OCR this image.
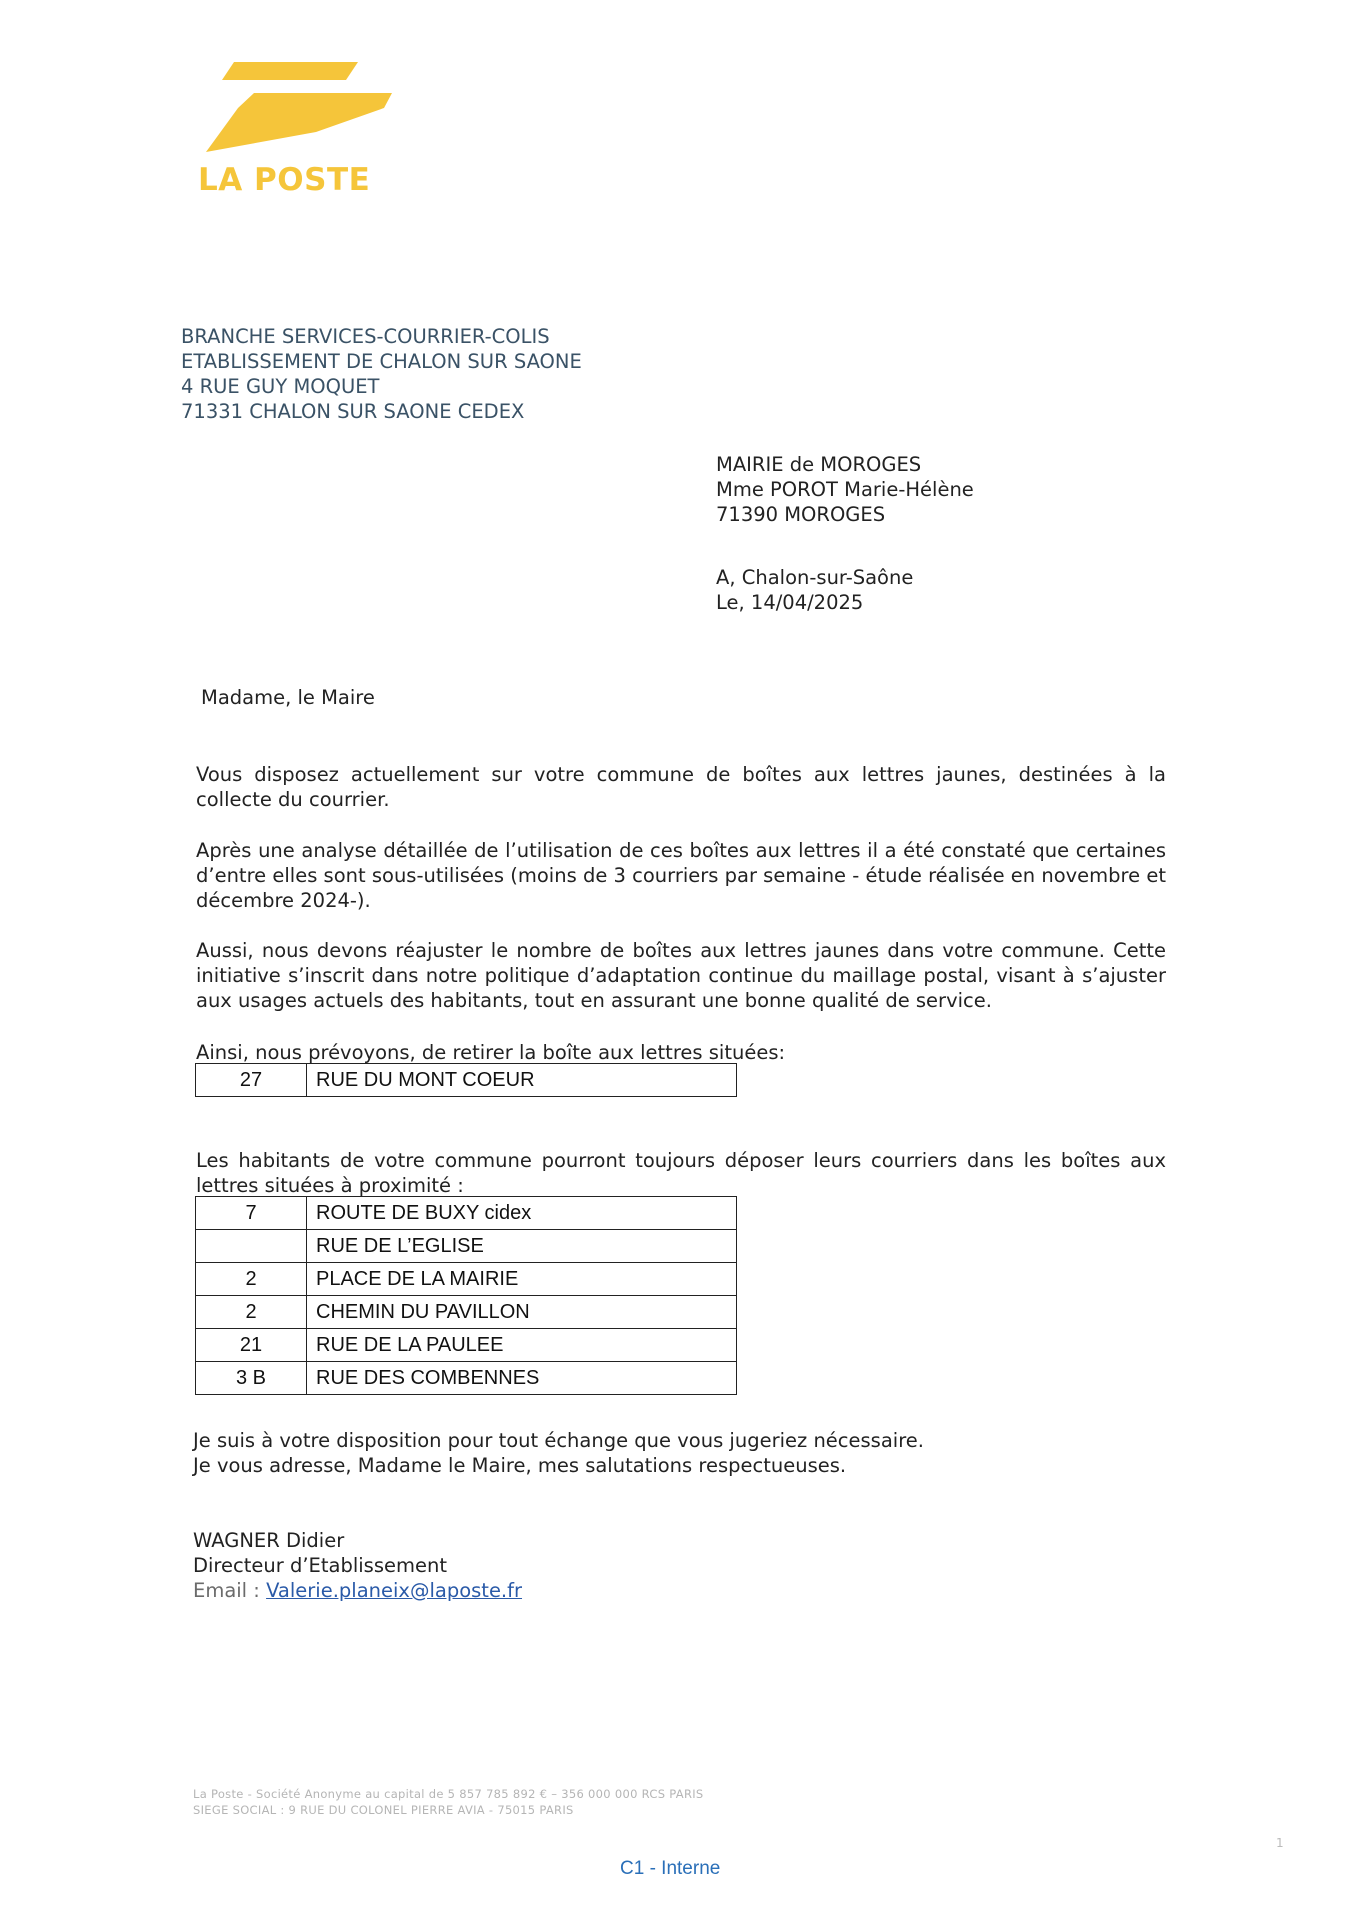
LA POSTE
BRANCHE SERVICES-COURRIER-COLIS
ETABLISSEMENT DE CHALON SUR SAONE
4 RUE GUY MOQUET
71331 CHALON SUR SAONE CEDEX
MAIRIE de MOROGES
Mme POROT Marie-Hélène
71390 MOROGES
A, Chalon-sur-Saône
Le, 14/04/2025
Madame, le Maire
Vous disposez actuellement sur votre commune de boîtes aux lettres jaunes, destinées à la collecte du courrier.
Après une analyse détaillée de l’utilisation de ces boîtes aux lettres il a été constaté que certaines d’entre elles sont sous-utilisées (moins de 3 courriers par semaine - étude réalisée en novembre et décembre 2024-).
Aussi, nous devons réajuster le nombre de boîtes aux lettres jaunes dans votre commune. Cette initiative s’inscrit dans notre politique d’adaptation continue du maillage postal, visant à s’ajuster aux usages actuels des habitants, tout en assurant une bonne qualité de service.
Ainsi, nous prévoyons, de retirer la boîte aux lettres situées:
27	RUE DU MONT COEUR
Les habitants de votre commune pourront toujours déposer leurs courriers dans les boîtes aux lettres situées à proximité :
7	ROUTE DE BUXY cidex
	RUE DE L’EGLISE
2	PLACE DE LA MAIRIE
2	CHEMIN DU PAVILLON
21	RUE DE LA PAULEE
3 B	RUE DES COMBENNES
Je suis à votre disposition pour tout échange que vous jugeriez nécessaire.
Je vous adresse, Madame le Maire, mes salutations respectueuses.
WAGNER Didier
Directeur d’Etablissement
Email : Valerie.planeix@laposte.fr
La Poste - Société Anonyme au capital de 5 857 785 892 € – 356 000 000 RCS PARIS
SIEGE SOCIAL : 9 RUE DU COLONEL PIERRE AVIA - 75015 PARIS
1
C1 - Interne
